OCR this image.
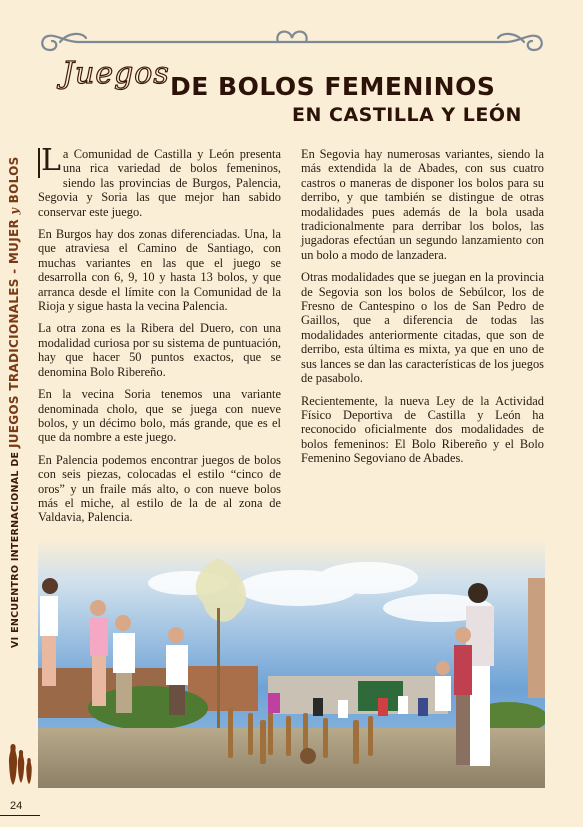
Juegos DE BOLOS FEMENINOS
EN CASTILLA Y LEÓN
VI ENCUENTRO INTERNACIONAL DE JUEGOS TRADICIONALES - MUJER y BOLOS L a Comunidad de Castilla y León presenta una rica variedad de bolos femeninos, siendo las provincias de Burgos, Palencia, Segovia y Soria las que mejor han sabido conservar este juego.

En Burgos hay dos zonas diferenciadas. Una, la que atraviesa el Camino de Santiago, con muchas variantes en las que el juego se desarrolla con 6, 9, 10 y hasta 13 bolos, y que arranca desde el límite con la Comunidad de la Rioja y sigue hasta la vecina Palencia.

La otra zona es la Ribera del Duero, con una modalidad curiosa por su sistema de puntuación, hay que hacer 50 puntos exactos, que se denomina Bolo Ribereño.

En la vecina Soria tenemos una variante denominada cholo, que se juega con nueve bolos, y un décimo bolo, más grande, que es el que da nombre a este juego.

En Palencia podemos encontrar juegos de bolos con seis piezas, colocadas el estilo “cinco de oros” y un fraile más alto, o con nueve bolos más el miche, al estilo de la de al zona de Valdavia, Palencia.

En Segovia hay numerosas variantes, siendo la más extendida la de Abades, con sus cuatro castros o maneras de disponer los bolos para su derribo, y que también se distingue de otras modalidades pues además de la bola usada tradicionalmente para derribar los bolos, las jugadoras efectúan un segundo lanzamiento con un bolo a modo de lanzadera.

Otras modalidades que se juegan en la provincia de Segovia son los bolos de Sebúlcor, los de Fresno de Cantespino o los de San Pedro de Gaillos, que a diferencia de todas las modalidades anteriormente citadas, que son de derribo, esta última es mixta, ya que en uno de sus lances se dan las características de los juegos de pasabolo.

Recientemente, la nueva Ley de la Actividad Físico Deportiva de Castilla y León ha reconocido oficialmente dos modalidades de bolos femeninos: El Bolo Ribereño y el Bolo Femenino Segoviano de Abades.

24
